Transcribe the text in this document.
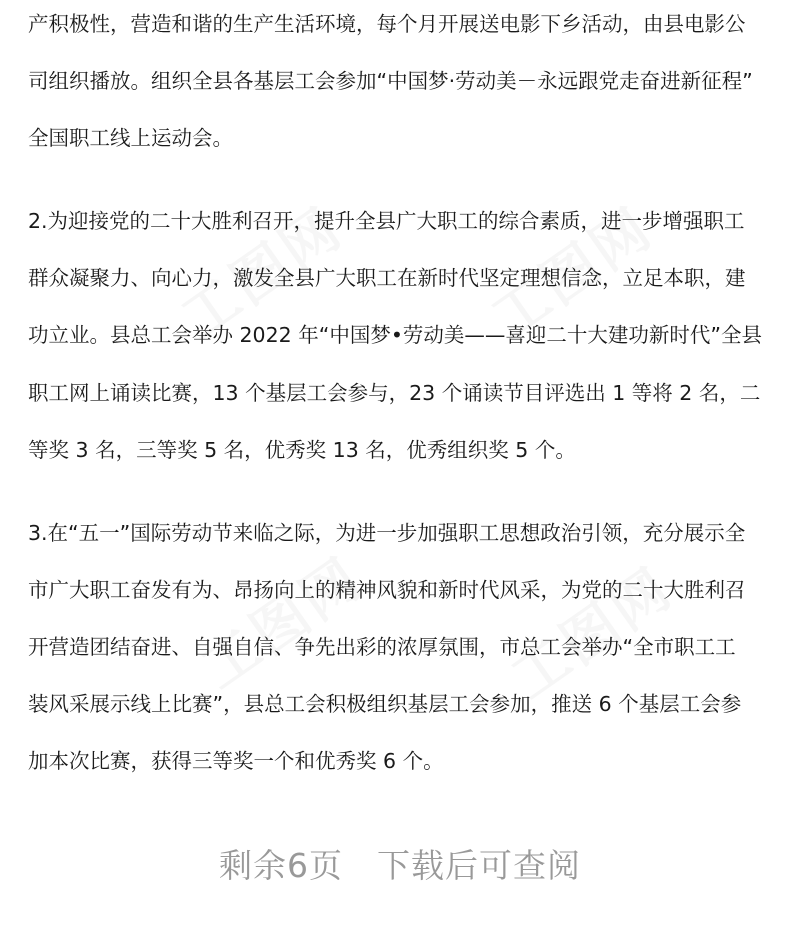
产积极性，营造和谐的生产生活环境，每个月开展送电影下乡活动，由县电影公
司组织播放。组织全县各基层工会参加“中国梦·劳动美－永远跟党走奋进新征程”
全国职工线上运动会。
2.为迎接党的二十大胜利召开，提升全县广大职工的综合素质，进一步增强职工
群众凝聚力、向心力，激发全县广大职工在新时代坚定理想信念，立足本职，建
功立业。县总工会举办 2022 年“中国梦•劳动美——喜迎二十大建功新时代”全县
职工网上诵读比赛，13 个基层工会参与，23 个诵读节目评选出 1 等将 2 名，二
等奖 3 名，三等奖 5 名，优秀奖 13 名，优秀组织奖 5 个。
3.在“五一”国际劳动节来临之际，为进一步加强职工思想政治引领，充分展示全
市广大职工奋发有为、昂扬向上的精神风貌和新时代风采，为党的二十大胜利召
开营造团结奋进、自强自信、争先出彩的浓厚氛围，市总工会举办“全市职工工
装风采展示线上比赛”，县总工会积极组织基层工会参加，推送 6 个基层工会参
加本次比赛，获得三等奖一个和优秀奖 6 个。
剩余6页　下载后可查阅
